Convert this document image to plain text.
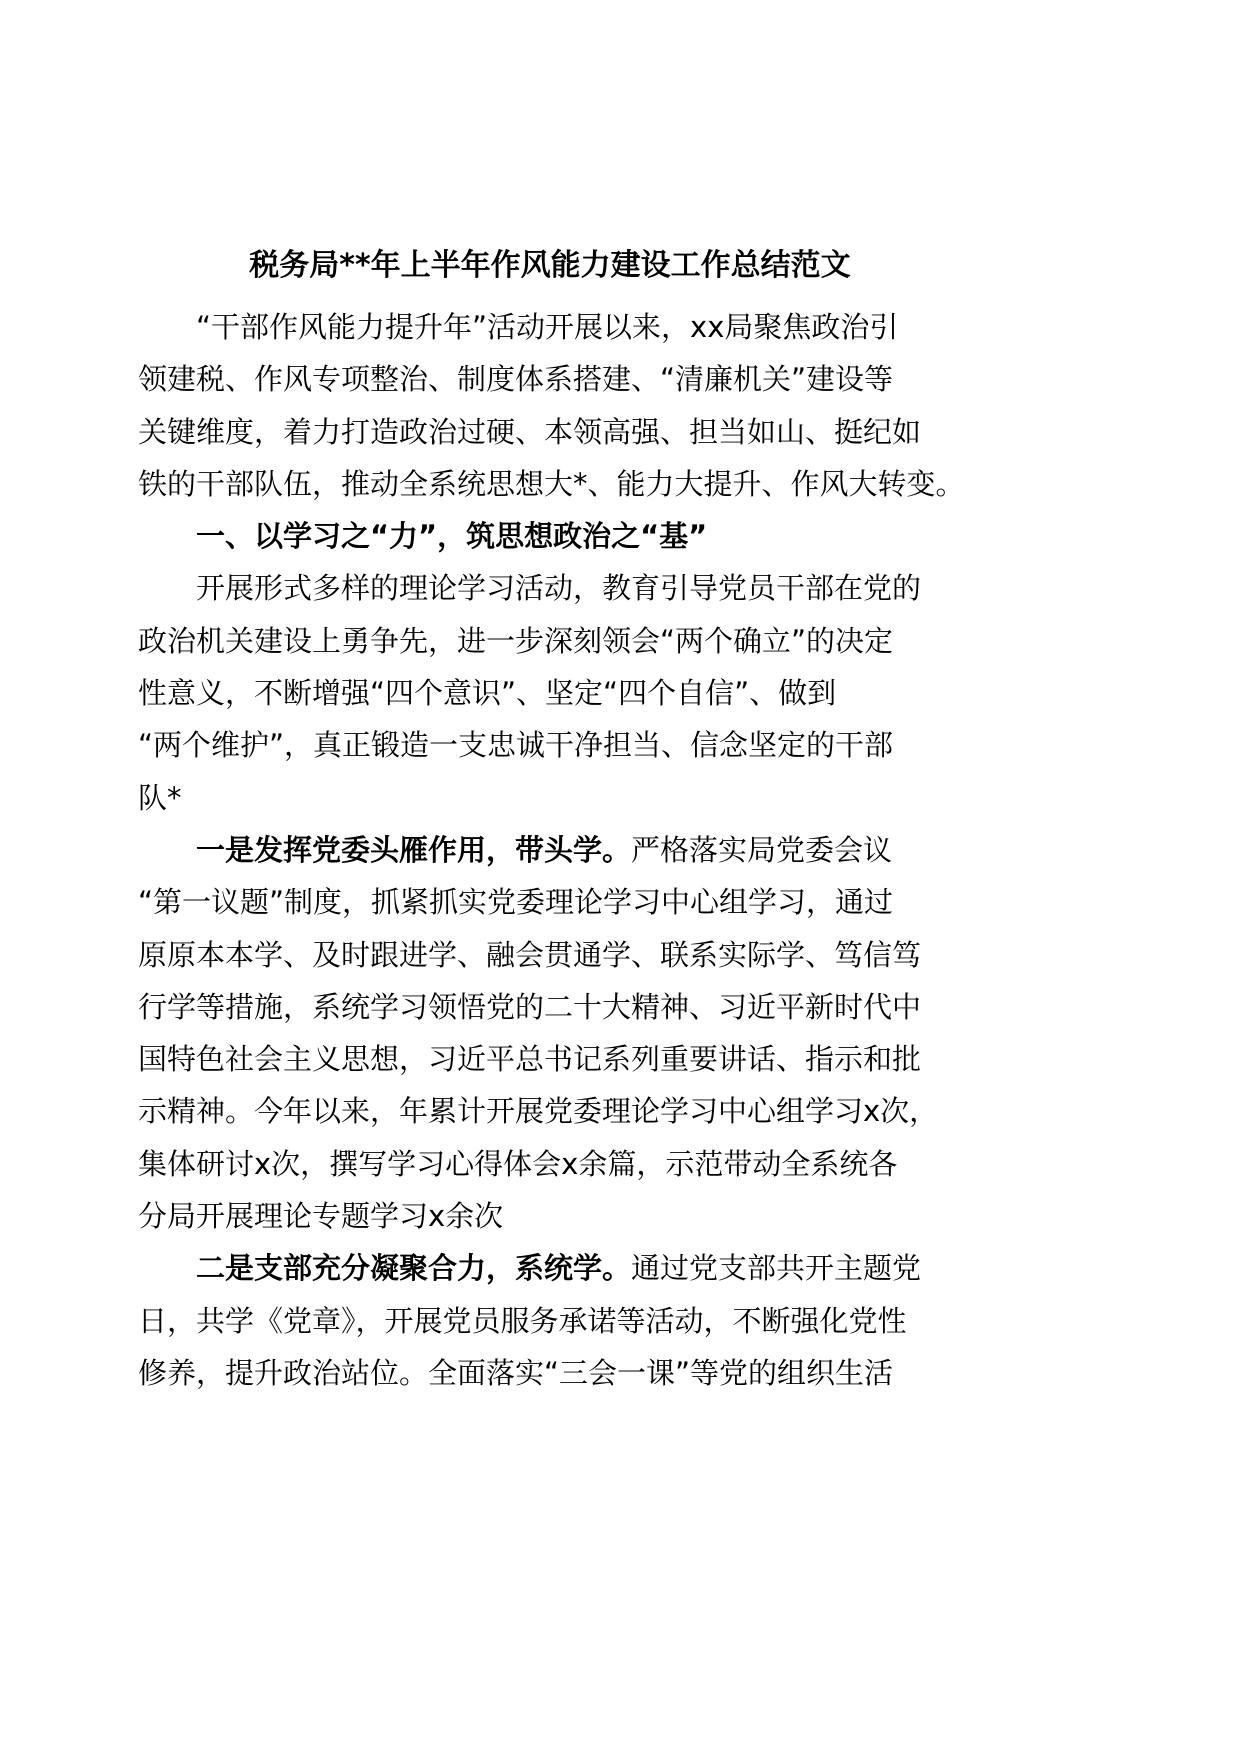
税务局**年上半年作风能力建设工作总结范文
“干部作风能力提升年”活动开展以来，xx局聚焦政治引
领建税、作风专项整治、制度体系搭建、“清廉机关”建设等
关键维度，着力打造政治过硬、本领高强、担当如山、挺纪如
铁的干部队伍，推动全系统思想大*、能力大提升、作风大转变。
一、以学习之“力”，筑思想政治之“基”
开展形式多样的理论学习活动，教育引导党员干部在党的
政治机关建设上勇争先，进一步深刻领会“两个确立”的决定
性意义，不断增强“四个意识”、坚定“四个自信”、做到
“两个维护”，真正锻造一支忠诚干净担当、信念坚定的干部
队*
一是发挥党委头雁作用，带头学。严格落实局党委会议
“第一议题”制度，抓紧抓实党委理论学习中心组学习，通过
原原本本学、及时跟进学、融会贯通学、联系实际学、笃信笃
行学等措施，系统学习领悟党的二十大精神、习近平新时代中
国特色社会主义思想，习近平总书记系列重要讲话、指示和批
示精神。今年以来，年累计开展党委理论学习中心组学习x次，
集体研讨x次，撰写学习心得体会x余篇，示范带动全系统各
分局开展理论专题学习x余次
二是支部充分凝聚合力，系统学。通过党支部共开主题党
日，共学《党章》，开展党员服务承诺等活动，不断强化党性
修养，提升政治站位。全面落实“三会一课”等党的组织生活
